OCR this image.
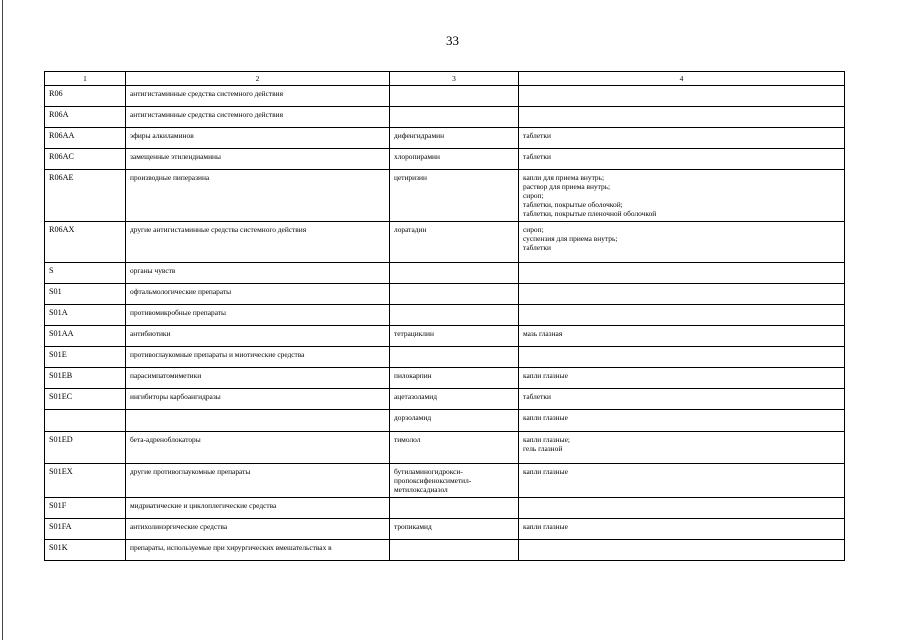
33
1	2	3	4
R06	антигистаминные средства системного действия		
R06A	антигистаминные средства системного действия		
R06AA	эфиры алкиламинов	дифенгидрамин	таблетки

R06AC	замещенные этилендиамины	хлоропирамин	таблетки

R06AE	производные пиперазина	цетиризин	капли для приема внутрь;
раствор для приема внутрь;
сироп;
таблетки, покрытые оболочкой;
таблетки, покрытые пленочной оболочкой

R06AX	другие антигистаминные средства системного действия	лоратадин	сироп;
суспензия для приема внутрь;
таблетки

S	органы чувств		
S01	офтальмологические препараты		
S01A	противомикробные препараты		
S01AA	антибиотики	тетрациклин	мазь глазная

S01E	противоглаукомные препараты и миотические средства		
S01EB	парасимпатомиметики	пилокарпин	капли глазные

S01EC	ингибиторы карбоангидразы	ацетазоламид	таблетки

		дорзоламид	капли глазные

S01ED	бета-адреноблокаторы	тимолол	капли глазные;
гель глазной

S01EX	другие противоглаукомные препараты	бутиламиногидрокси-
пропоксифеноксиметил-
метилоксадиазол	капли глазные

S01F	мидриатические и циклоплегические средства		
S01FA	антихолинэргические средства	тропикамид	капли глазные

S01K	препараты, используемые при хирургических вмешательствах в		
